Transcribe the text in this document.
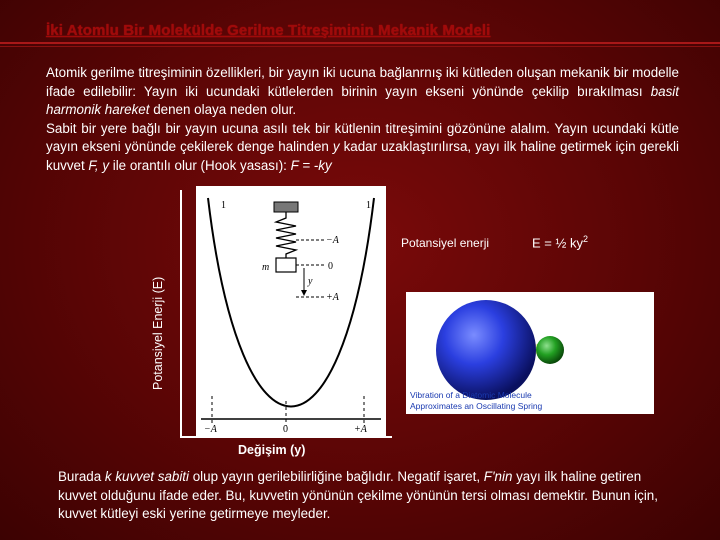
İki Atomlu Bir Molekülde Gerilme Titreşiminin Mekanik Modeli

Atomik gerilme titreşiminin özellikleri, bir yayın iki ucuna bağlanrnış iki kütleden oluşan mekanik bir modelle ifade edilebilir: Yayın iki ucundaki kütlelerden birinin yayın ekseni yönünde çekilip bırakılması basit harmonik hareket denen olaya neden olur.

Sabit bir yere bağlı bir yayın ucuna asılı tek bir kütlenin titreşimini gözönüne alalım. Yayın ucundaki kütle yayın ekseni yönünde çekilerek denge halinden y kadar uzaklaştırılırsa, yayı ilk haline getirmek için gerekli kuvvet F, y ile orantılı olur (Hook yasası): F = -ky

Potansiyel Enerji (E)
1	1
−A
0
+A
m
y
−A	0	+A
Potansiyel enerji	E = ½ $ky^2$
Vibration of a Diatomic Molecule
Approximates an Oscillating Spring
Değişim (y)
Burada k kuvvet sabiti olup yayın gerilebilirliğine bağlıdır. Negatif işaret, F'nin yayı ilk haline getiren kuvvet olduğunu ifade eder. Bu, kuvvetin yönünün çekilme yönünün tersi olması demektir. Bunun için, kuvvet kütleyi eski yerine getirmeye meyleder.
